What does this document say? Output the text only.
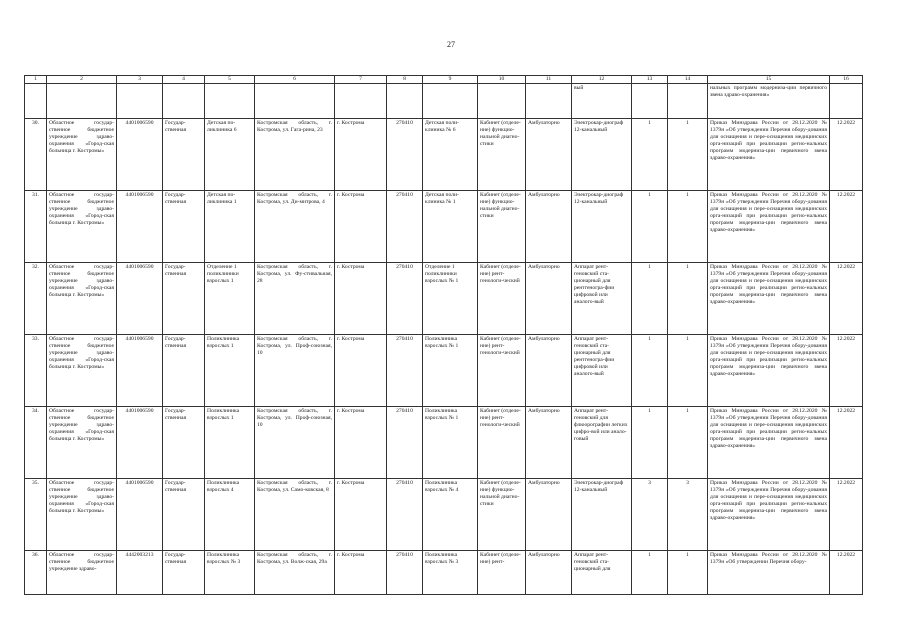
27
1	2	3	4	5	6	7	8	9	10	11	12	13	14	15	16
											вый			нальных программ модерниза-ции первичного звена здраво-охранения»	
30.	Областное государ-ственное бюджетное учреждение здраво-охранения «Город-ская больница г. Костромы»	4401006590	Государ-ственная	Детская по-ликлиника 6	Костромская область, г. Кострома, ул. Гага-рина, 23	г. Кострома	270410	Детская поли-клиника № 6	Кабинет (отделе-ние) функцио-нальной диагно-стики	Амбулаторно	Электрокар-диограф 12-канальный	1	1	Приказ Минздрава России от 28.12.2020 № 1379н «Об утверждении Перечня обору-дования для оснащения и пере-оснащения медицинских орга-низаций при реализации регио-нальных программ модерниза-ции первичного звена здраво-охранения»	12.2022
31.	Областное государ-ственное бюджетное учреждение здраво-охранения «Город-ская больница г. Костромы»	4401006590	Государ-ственная	Детская по-ликлиника 1	Костромская область, г. Кострома, ул. Ди-митрова, 4	г. Кострома	270410	Детская поли-клиника № 1	Кабинет (отделе-ние) функцио-нальной диагно-стики	Амбулаторно	Электрокар-диограф 12-канальный	1	1	Приказ Минздрава России от 28.12.2020 № 1379н «Об утверждении Перечня обору-дования для оснащения и пере-оснащения медицинских орга-низаций при реализации регио-нальных программ модерниза-ции первичного звена здраво-охранения»	12.2022
32.	Областное государ-ственное бюджетное учреждение здраво-охранения «Город-ская больница г. Костромы»	4401006590	Государ-ственная	Отделение 1 поликлиники взрослых 1	Костромская область, г. Кострома, ул. Фу-стивальная, 28	г. Кострома	270410	Отделение 1 поликлиники взрослых № 1	Кабинет (отделе-ние) рент-генологи-ческий	Амбулаторно	Аппарат рент-геновский ста-ционарный для рентгеногра-фии цифровой или аналого-вый	1	1	Приказ Минздрава России от 28.12.2020 № 1379н «Об утверждении Перечня обору-дования для оснащения и пере-оснащения медицинских орга-низаций при реализации регио-нальных программ модерниза-ции первичного звена здраво-охранения»	12.2022
33.	Областное государ-ственное бюджетное учреждение здраво-охранения «Город-ская больница г. Костромы»	4401006590	Государ-ственная	Поликлиника взрослых 1	Костромская область, г. Кострома, ул. Проф-союзная, 10	г. Кострома	270410	Поликлиника взрослых № 1	Кабинет (отделе-ние) рент-генологи-ческий	Амбулаторно	Аппарат рент-геновский ста-ционарный для рентгеногра-фии цифровой или аналого-вый	1	1	Приказ Минздрава России от 28.12.2020 № 1379н «Об утверждении Перечня обору-дования для оснащения и пере-оснащения медицинских орга-низаций при реализации регио-нальных программ модерниза-ции первичного звена здраво-охранения»	12.2022
34.	Областное государ-ственное бюджетное учреждение здраво-охранения «Город-ская больница г. Костромы»	4401006590	Государ-ственная	Поликлиника взрослых 1	Костромская область, г. Кострома, ул. Проф-союзная, 10	г. Кострома	270410	Поликлиника взрослых № 1	Кабинет (отделе-ние) рент-генологи-ческий	Амбулаторно	Аппарат рент-геновский для флюорографии легких цифро-вой или анало-говый	1	1	Приказ Минздрава России от 28.12.2020 № 1379н «Об утверждении Перечня обору-дования для оснащения и пере-оснащения медицинских орга-низаций при реализации регио-нальных программ модерниза-ции первичного звена здраво-охранения»	12.2022
35.	Областное государ-ственное бюджетное учреждение здраво-охранения «Город-ская больница г. Костромы»	4401006590	Государ-ственная	Поликлиника взрослых 4	Костромская область, г. Кострома, ул. Само-ковская, 8	г. Кострома	270410	Поликлиника взрослых № 4	Кабинет (отделе-ние) функцио-нальной диагно-стики	Амбулаторно	Электрокар-диограф 12-канальный	3	3	Приказ Минздрава России от 28.12.2020 № 1379н «Об утверждении Перечня обору-дования для оснащения и пере-оснащения медицинских орга-низаций при реализации регио-нальных программ модерниза-ции первичного звена здраво-охранения»	12.2022
36.	Областное государ-ственное бюджетное учреждение здраво-	4442003213	Государ-ственная	Поликлиника взрослых № 3	Костромская область, г. Кострома, ул. Волж-ская, 29а	г. Кострома	270410	Поликлиника взрослых № 3	Кабинет (отделе-ние) рент-	Амбулаторно	Аппарат рент-геновский ста-ционарный для	1	1	Приказ Минздрава России от 28.12.2020 № 1379н «Об утверждении Перечня обору-	12.2022
